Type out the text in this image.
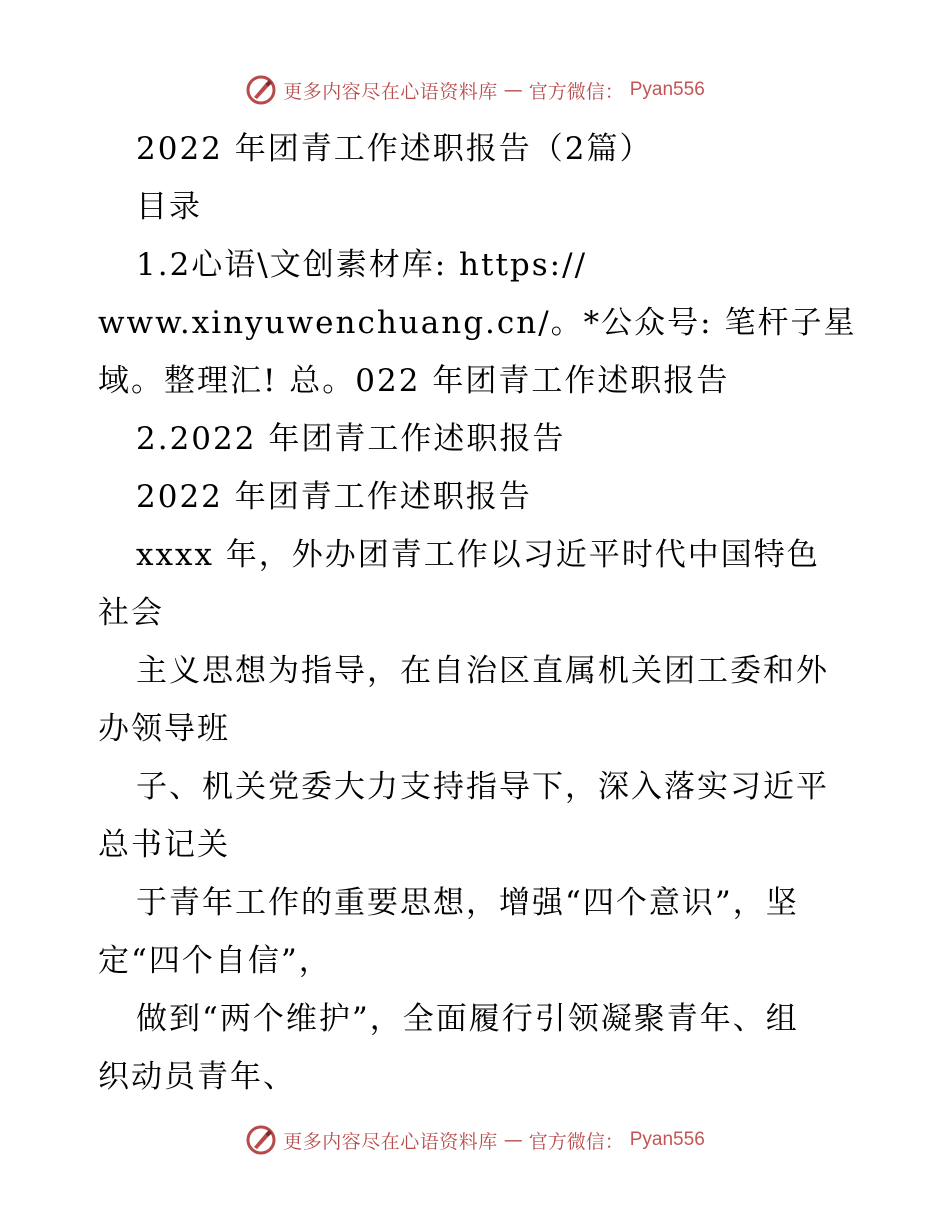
更多内容尽在心语资料库 — 官方微信： Pyan556
2022 年团青工作述职报告（2篇）
目录
1.2心语\文创素材库: https://
www.xinyuwenchuang.cn/。*公众号: 笔杆子星
域。整理汇! 总。022 年团青工作述职报告
2.2022 年团青工作述职报告
2022 年团青工作述职报告
xxxx 年，外办团青工作以习近平时代中国特色
社会
主义思想为指导，在自治区直属机关团工委和外
办领导班
子、机关党委大力支持指导下，深入落实习近平
总书记关
于青年工作的重要思想，增强“四个意识”，坚
定“四个自信”，
做到“两个维护”，全面履行引领凝聚青年、组
织动员青年、
更多内容尽在心语资料库 — 官方微信： Pyan556
